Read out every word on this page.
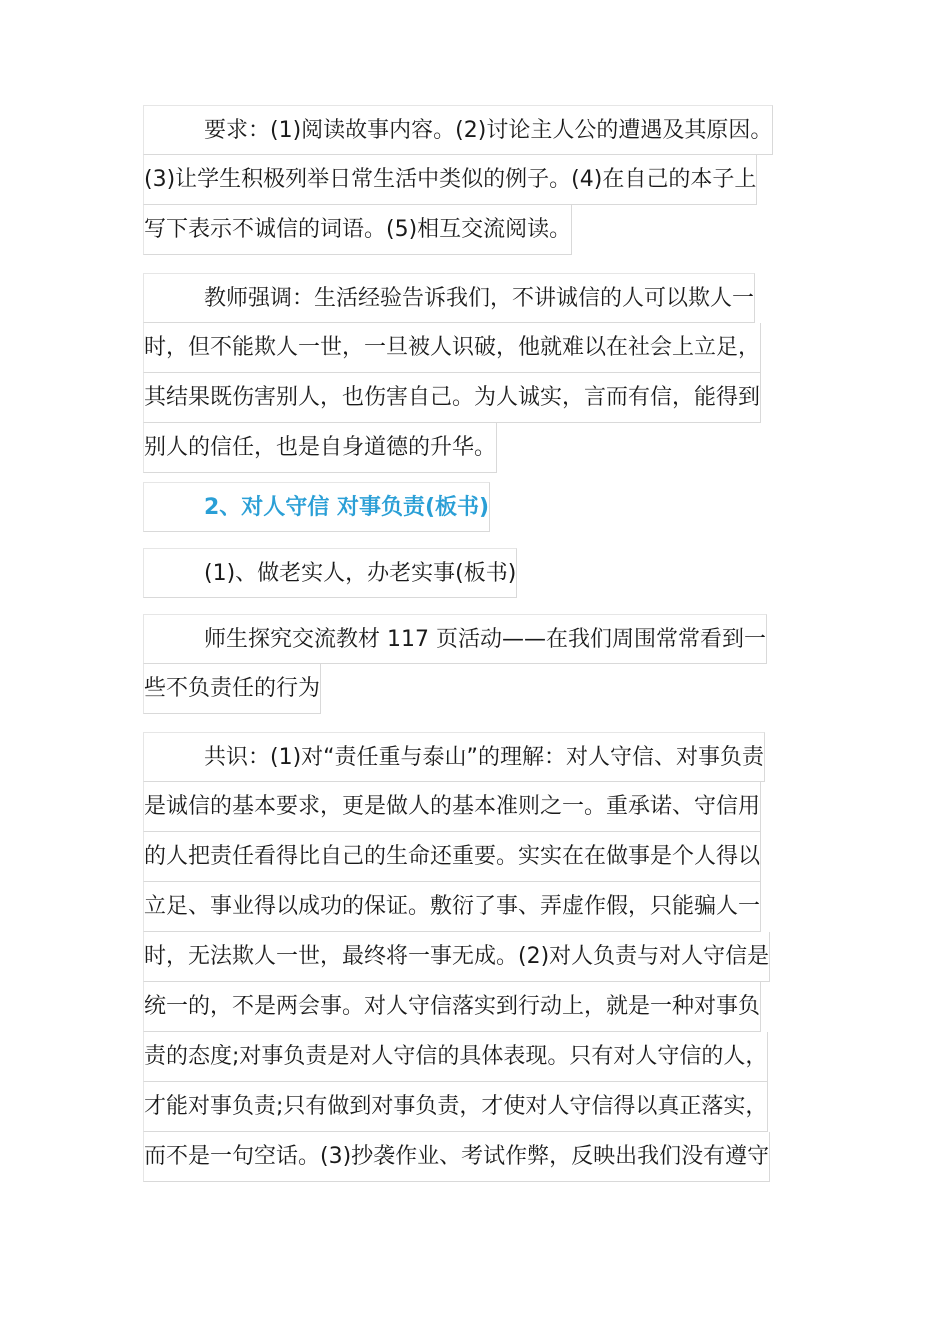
要求：(1)阅读故事内容。(2)讨论主人公的遭遇及其原因。
(3)让学生积极列举日常生活中类似的例子。(4)在自己的本子上
写下表示不诚信的词语。(5)相互交流阅读。
教师强调：生活经验告诉我们，不讲诚信的人可以欺人一
时，但不能欺人一世，一旦被人识破，他就难以在社会上立足，
其结果既伤害别人，也伤害自己。为人诚实，言而有信，能得到
别人的信任，也是自身道德的升华。
2、对人守信 对事负责(板书)
(1)、做老实人，办老实事(板书)
师生探究交流教材 117 页活动——在我们周围常常看到一
些不负责任的行为
共识：(1)对“责任重与泰山”的理解：对人守信、对事负责
是诚信的基本要求，更是做人的基本准则之一。重承诺、守信用
的人把责任看得比自己的生命还重要。实实在在做事是个人得以
立足、事业得以成功的保证。敷衍了事、弄虚作假，只能骗人一
时，无法欺人一世，最终将一事无成。(2)对人负责与对人守信是
统一的，不是两会事。对人守信落实到行动上，就是一种对事负
责的态度;对事负责是对人守信的具体表现。只有对人守信的人，
才能对事负责;只有做到对事负责，才使对人守信得以真正落实，
而不是一句空话。(3)抄袭作业、考试作弊，反映出我们没有遵守
